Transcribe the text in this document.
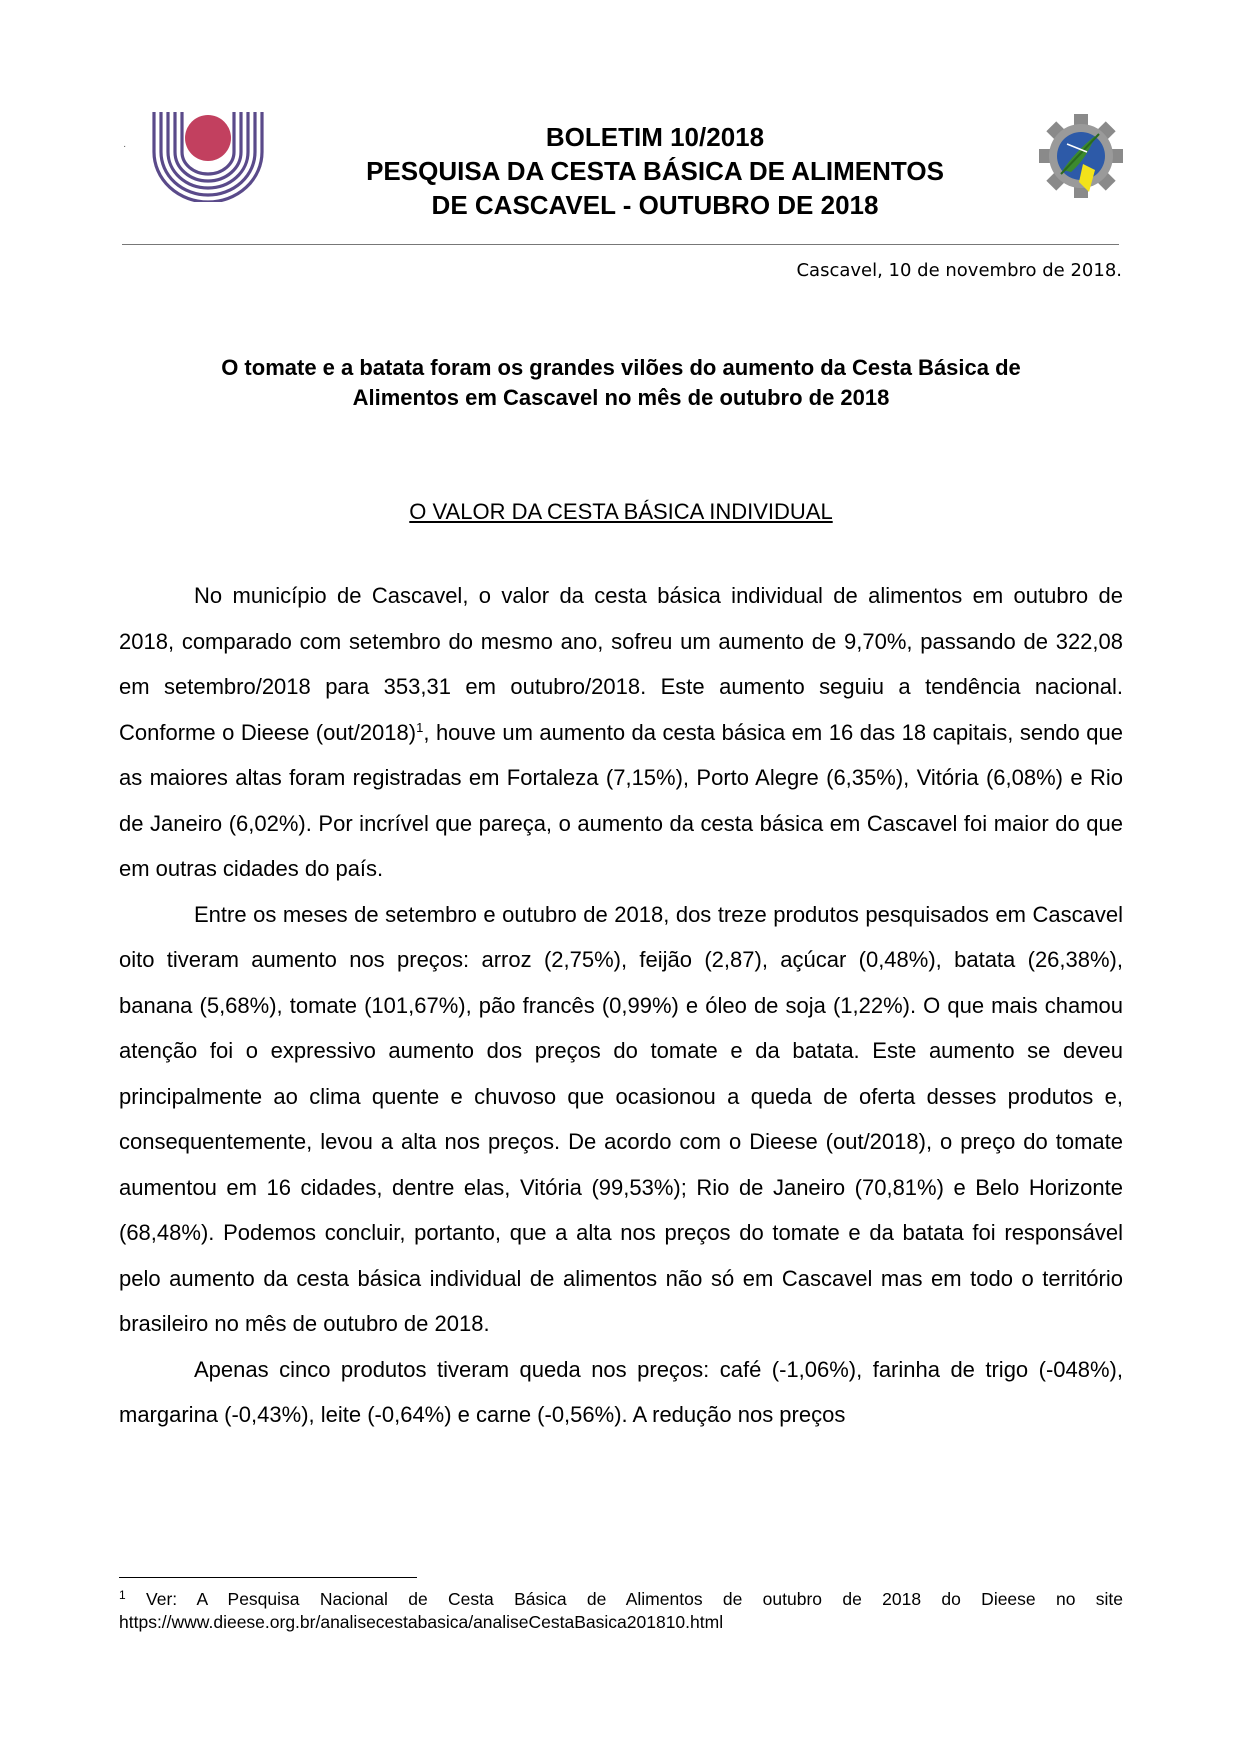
·	BOLETIM 10/2018
PESQUISA DA CESTA BÁSICA DE ALIMENTOS
DE CASCAVEL - OUTUBRO DE 2018
Cascavel, 10 de novembro de 2018.
O tomate e a batata foram os grandes vilões do aumento da Cesta Básica de
Alimentos em Cascavel no mês de outubro de 2018
O VALOR DA CESTA BÁSICA INDIVIDUAL

No município de Cascavel, o valor da cesta básica individual de alimentos em outubro de 2018, comparado com setembro do mesmo ano, sofreu um aumento de 9,70%, passando de 322,08 em setembro/2018 para 353,31 em outubro/2018. Este aumento seguiu a tendência nacional. Conforme o Dieese $(out/2018)^1$, houve um aumento da cesta básica em 16 das 18 capitais, sendo que as maiores altas foram registradas em Fortaleza (7,15%), Porto Alegre (6,35%), Vitória (6,08%) e Rio de Janeiro (6,02%). Por incrível que pareça, o aumento da cesta básica em Cascavel foi maior do que em outras cidades do país.

Entre os meses de setembro e outubro de 2018, dos treze produtos pesquisados em Cascavel oito tiveram aumento nos preços: arroz (2,75%), feijão (2,87), açúcar (0,48%), batata (26,38%), banana (5,68%), tomate (101,67%), pão francês (0,99%) e óleo de soja (1,22%). O que mais chamou atenção foi o expressivo aumento dos preços do tomate e da batata. Este aumento se deveu principalmente ao clima quente e chuvoso que ocasionou a queda de oferta desses produtos e, consequentemente, levou a alta nos preços. De acordo com o Dieese (out/2018), o preço do tomate aumentou em 16 cidades, dentre elas, Vitória (99,53%); Rio de Janeiro (70,81%) e Belo Horizonte (68,48%). Podemos concluir, portanto, que a alta nos preços do tomate e da batata foi responsável pelo aumento da cesta básica individual de alimentos não só em Cascavel mas em todo o território brasileiro no mês de outubro de 2018.

Apenas cinco produtos tiveram queda nos preços: café (-1,06%), farinha de trigo (-048%), margarina (-0,43%), leite (-0,64%) e carne (-0,56%). A redução nos preços

$^1$ Ver: A Pesquisa Nacional de Cesta Básica de Alimentos de outubro de 2018 do Dieese no site https://www.dieese.org.br/analisecestabasica/analiseCestaBasica201810.html
